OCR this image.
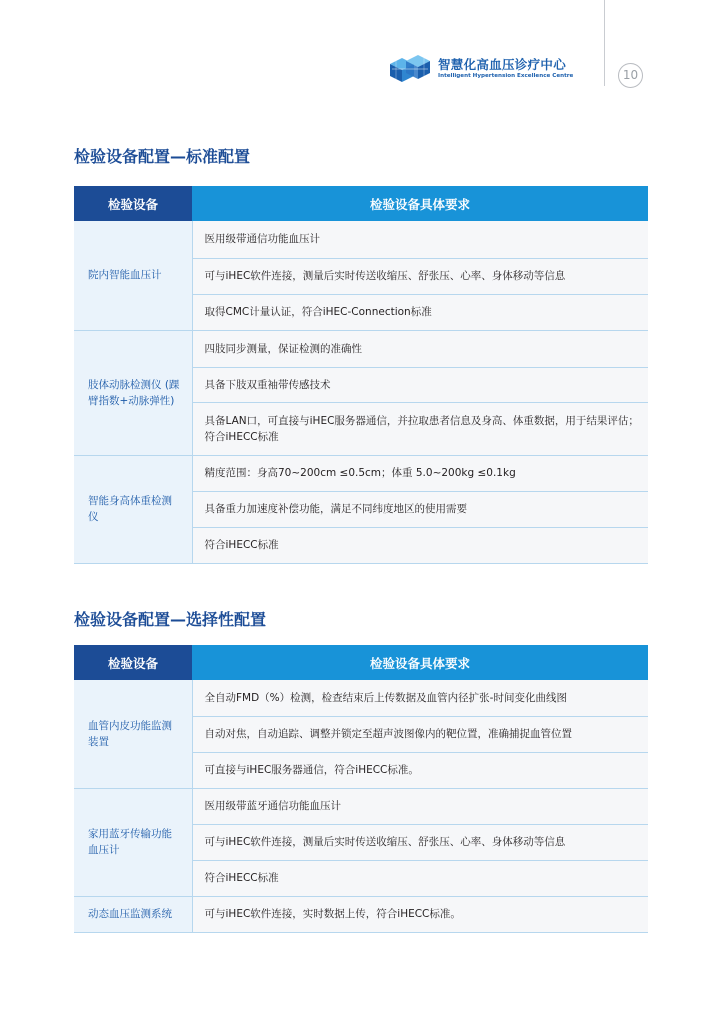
智慧化高血压诊疗中心
Intelligent Hypertension Excellence Centre	10
检验设备配置—标准配置
检验设备	检验设备具体要求
院内智能血压计	医用级带通信功能血压计
	可与iHEC软件连接，测量后实时传送收缩压、舒张压、心率、身体移动等信息
	取得CMC计量认证，符合iHEC-Connection标准
肢体动脉检测仪 (踝臂指数+动脉弹性)	四肢同步测量，保证检测的准确性
	具备下肢双重袖带传感技术
	具备LAN口，可直接与iHEC服务器通信，并拉取患者信息及身高、体重数据，用于结果评估；符合iHECC标准
智能身高体重检测仪	精度范围：身高70~200cm ≤0.5cm；体重 5.0~200kg ≤0.1kg
	具备重力加速度补偿功能，满足不同纬度地区的使用需要
	符合iHECC标准
检验设备配置—选择性配置
检验设备	检验设备具体要求
血管内皮功能监测装置	全自动FMD（%）检测，检查结束后上传数据及血管内径扩张-时间变化曲线图
	自动对焦，自动追踪、调整并锁定至超声波图像内的靶位置，准确捕捉血管位置
	可直接与iHEC服务器通信，符合iHECC标准。
家用蓝牙传输功能血压计	医用级带蓝牙通信功能血压计
	可与iHEC软件连接，测量后实时传送收缩压、舒张压、心率、身体移动等信息
	符合iHECC标准
动态血压监测系统	可与iHEC软件连接，实时数据上传，符合iHECC标准。
